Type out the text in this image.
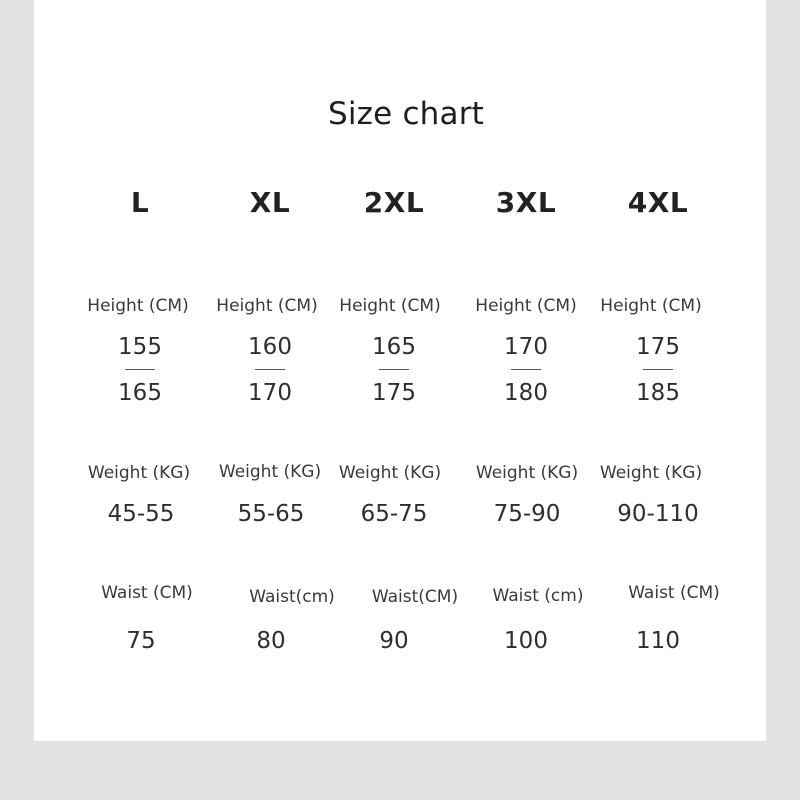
Size chart
L
Height (CM)
155
165
Weight (KG)
45-55
Waist (CM)
75
XL
Height (CM)
160
170
Weight (KG)
55-65
Waist(cm)
80
2XL
Height (CM)
165
175
Weight (KG)
65-75
Waist(CM)
90
3XL
Height (CM)
170
180
Weight (KG)
75-90
Waist (cm)
100
4XL
Height (CM)
175
185
Weight (KG)
90-110
Waist (CM)
110
